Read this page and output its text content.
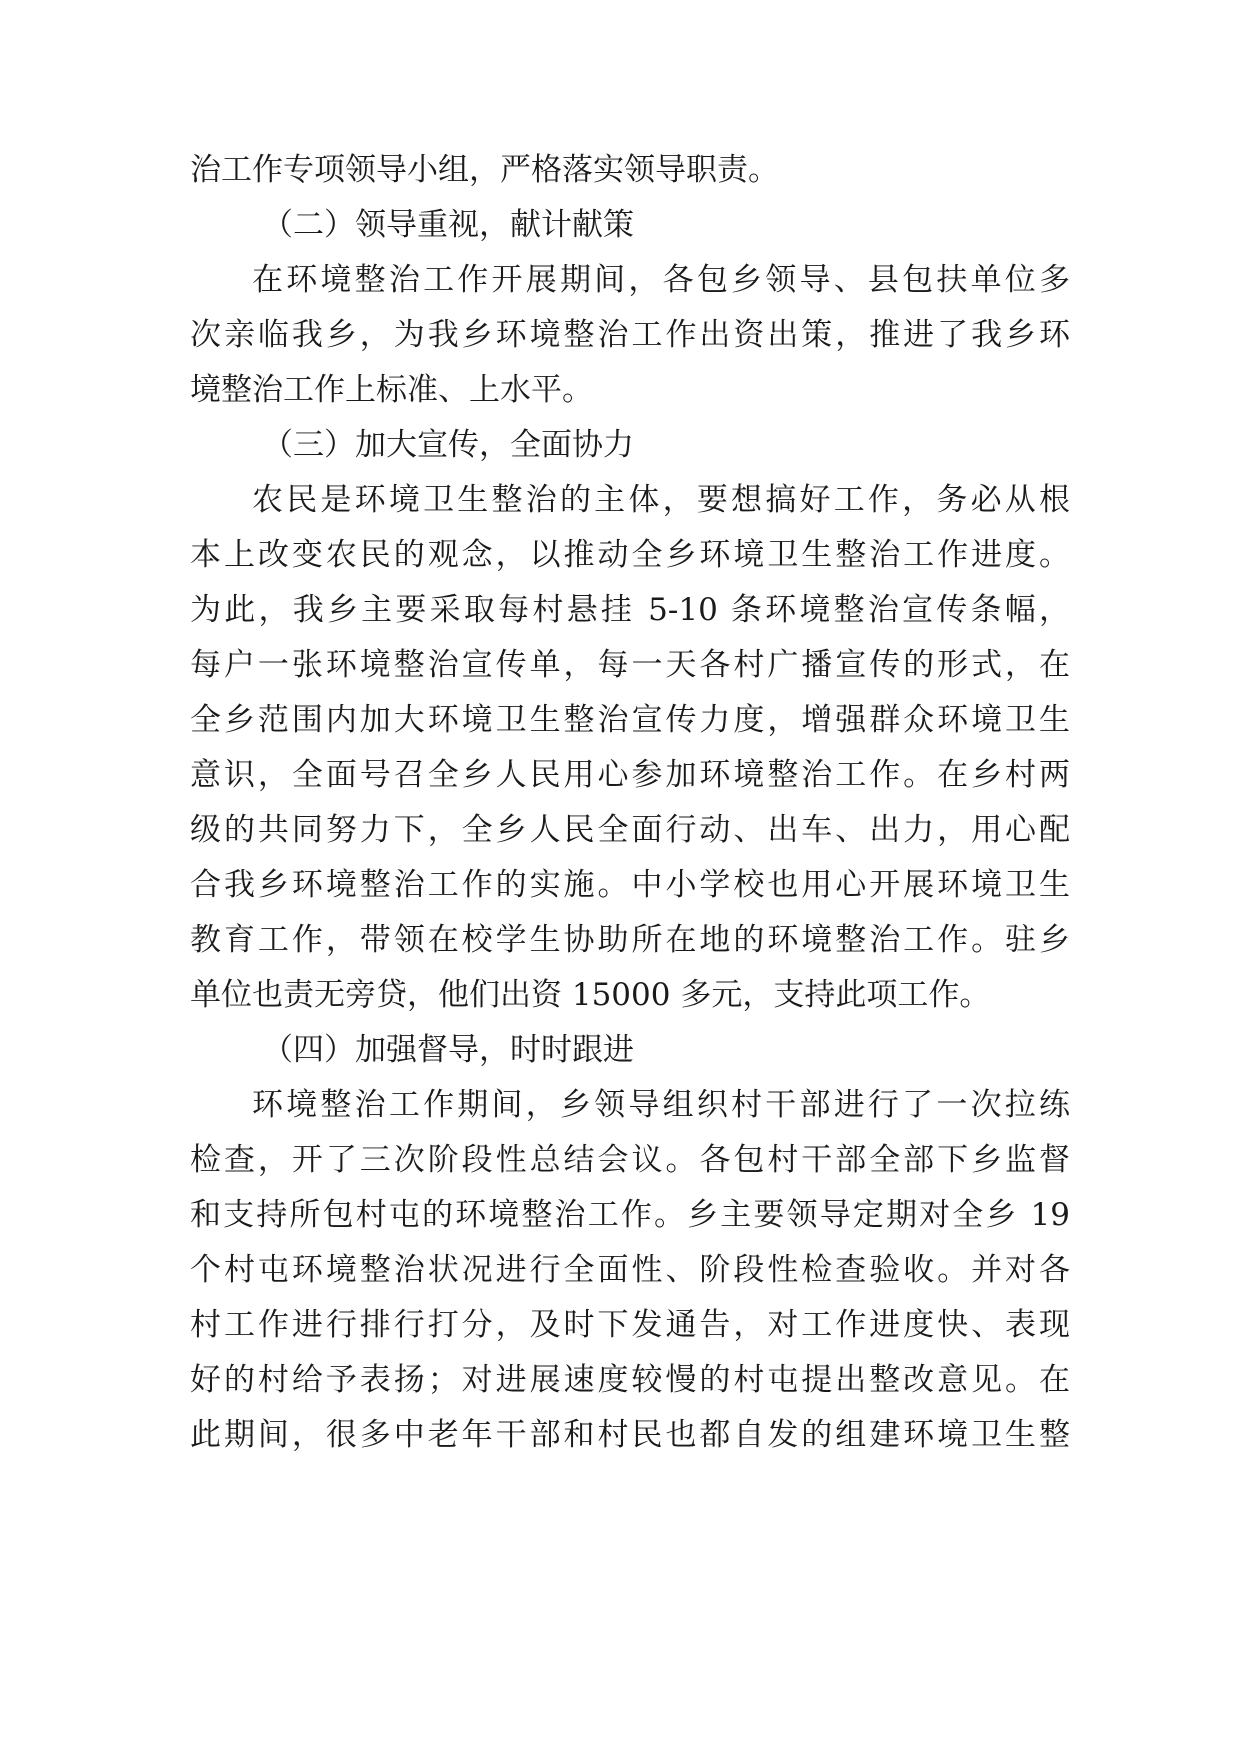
治工作专项领导小组，严格落实领导职责。
（二）领导重视，献计献策
在环境整治工作开展期间，各包乡领导、县包扶单位多
次亲临我乡，为我乡环境整治工作出资出策，推进了我乡环
境整治工作上标准、上水平。
（三）加大宣传，全面协力
农民是环境卫生整治的主体，要想搞好工作，务必从根
本上改变农民的观念，以推动全乡环境卫生整治工作进度。
为此，我乡主要采取每村悬挂 5-10 条环境整治宣传条幅，
每户一张环境整治宣传单，每一天各村广播宣传的形式，在
全乡范围内加大环境卫生整治宣传力度，增强群众环境卫生
意识，全面号召全乡人民用心参加环境整治工作。在乡村两
级的共同努力下，全乡人民全面行动、出车、出力，用心配
合我乡环境整治工作的实施。中小学校也用心开展环境卫生
教育工作，带领在校学生协助所在地的环境整治工作。驻乡
单位也责无旁贷，他们出资 15000 多元，支持此项工作。
（四）加强督导，时时跟进
环境整治工作期间，乡领导组织村干部进行了一次拉练
检查，开了三次阶段性总结会议。各包村干部全部下乡监督
和支持所包村屯的环境整治工作。乡主要领导定期对全乡 19
个村屯环境整治状况进行全面性、阶段性检查验收。并对各
村工作进行排行打分，及时下发通告，对工作进度快、表现
好的村给予表扬；对进展速度较慢的村屯提出整改意见。在
此期间，很多中老年干部和村民也都自发的组建环境卫生整
